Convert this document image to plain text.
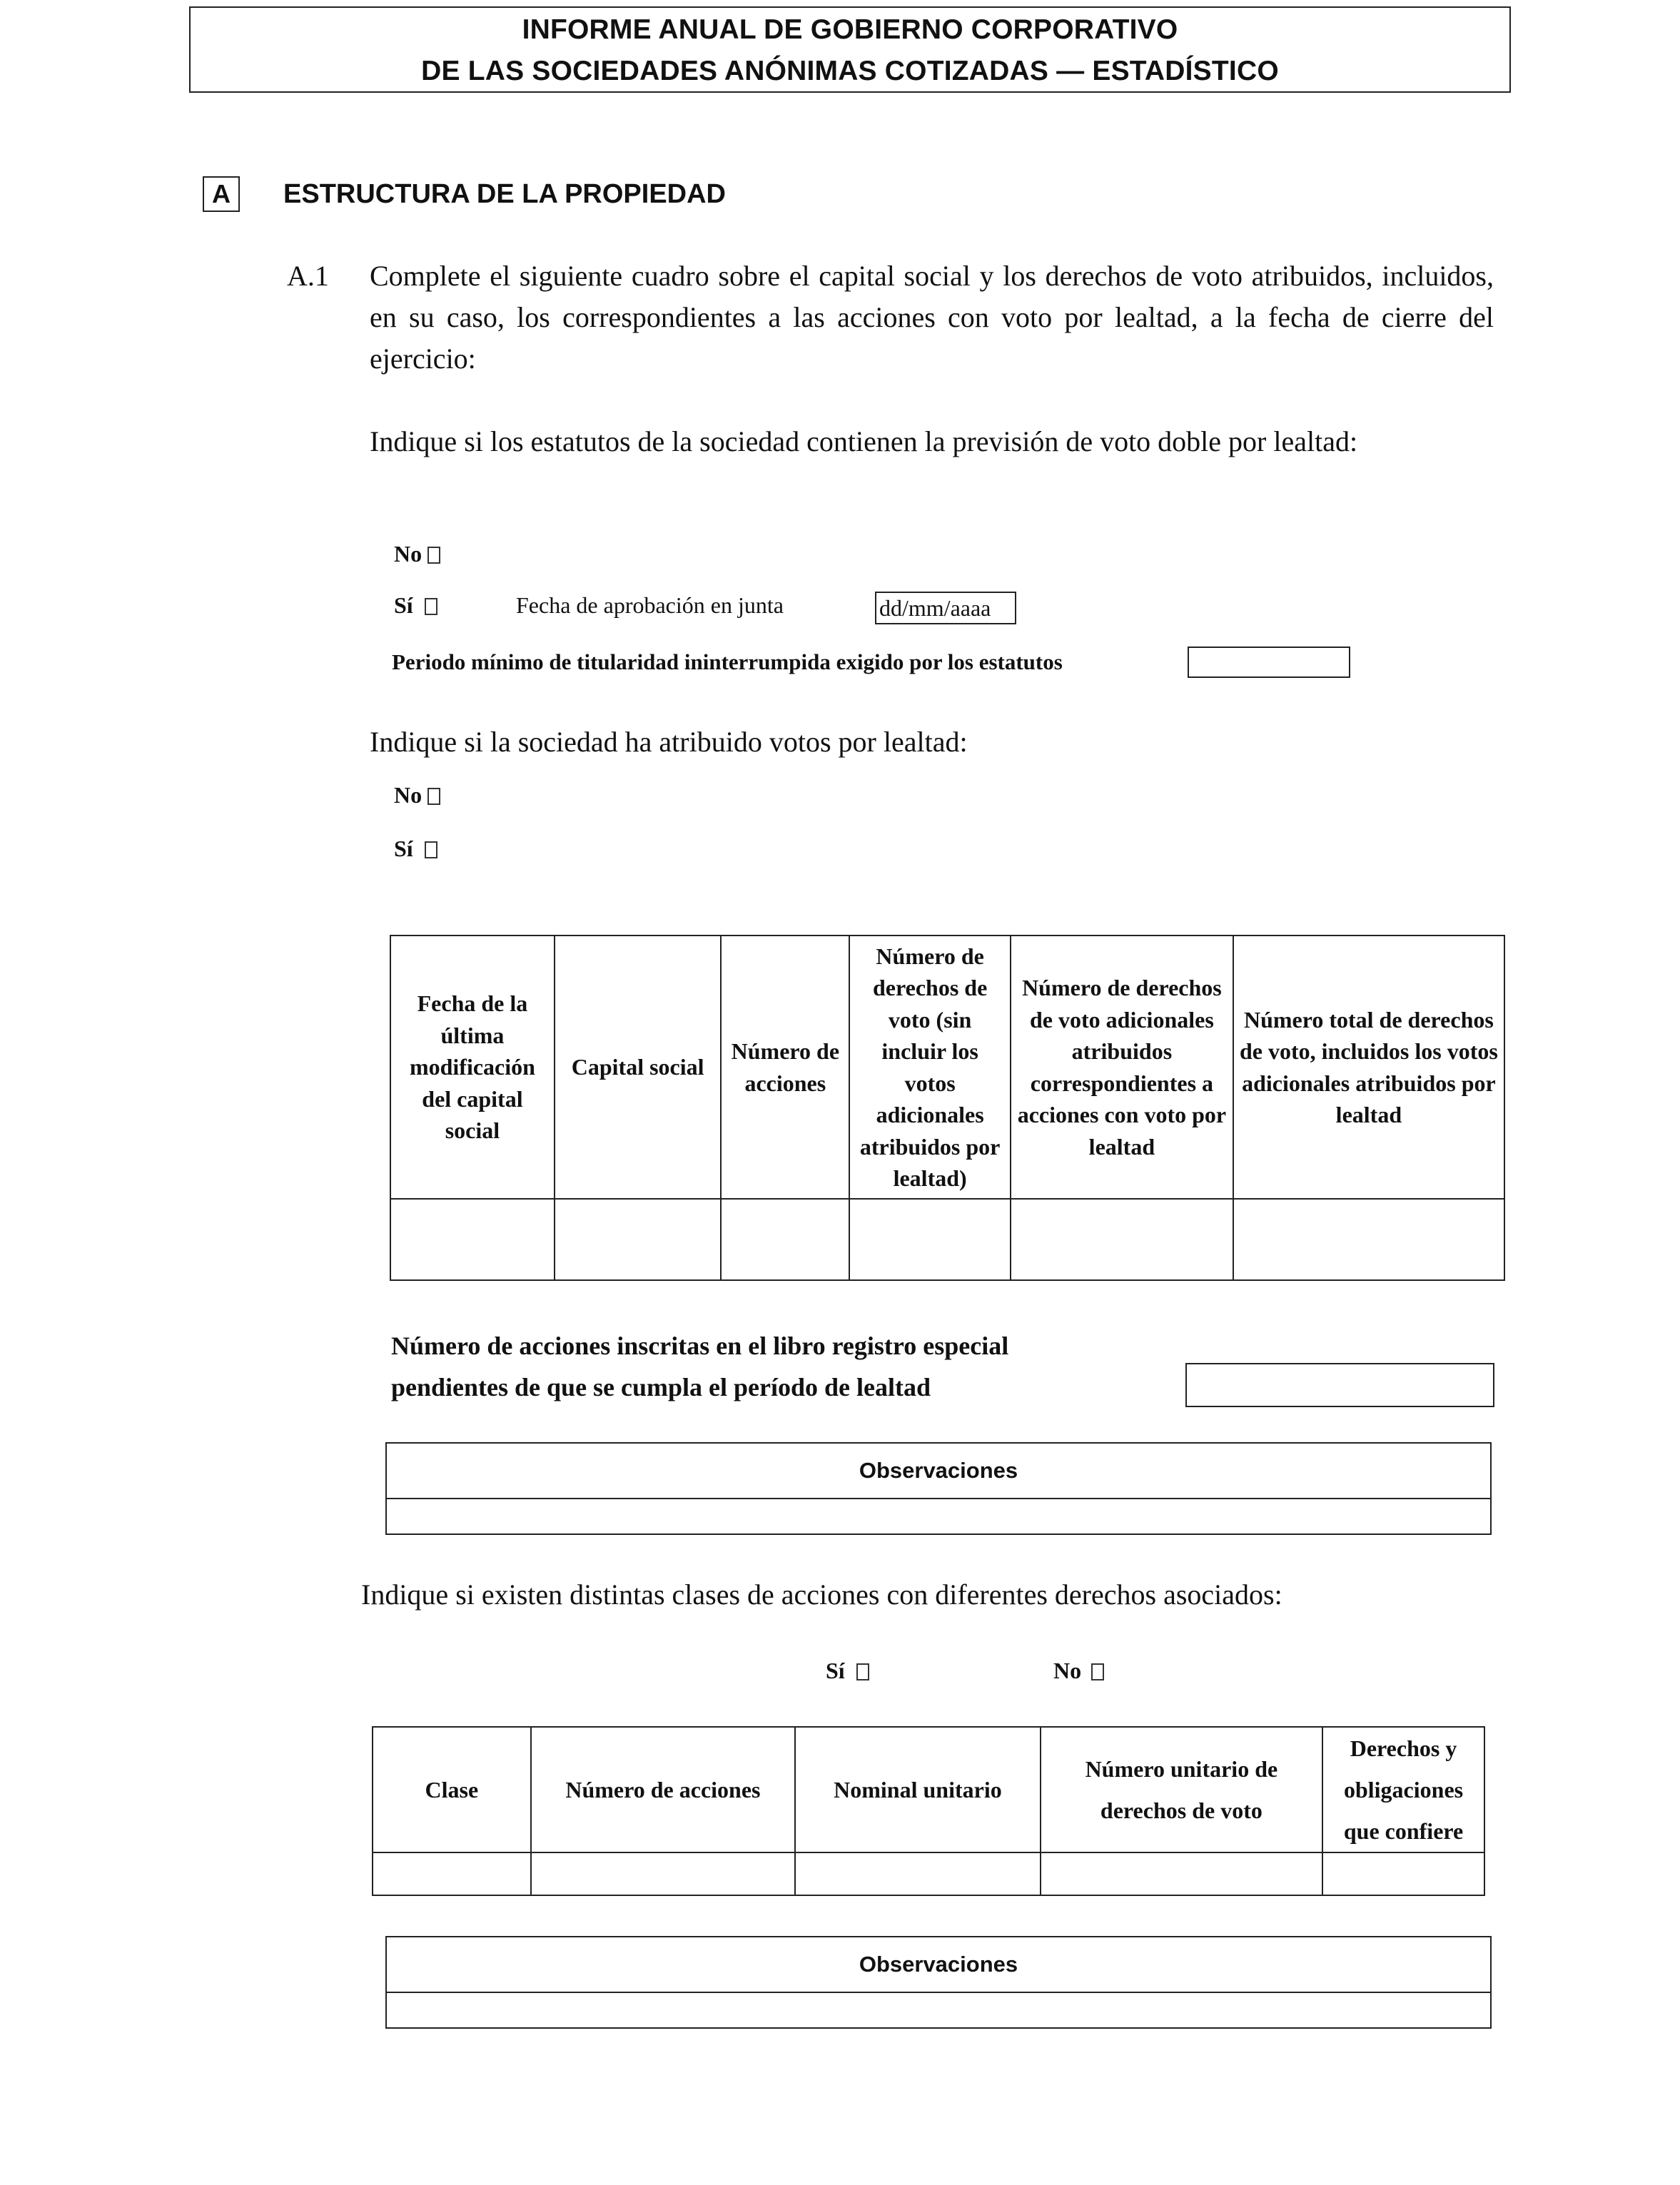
INFORME ANUAL DE GOBIERNO CORPORATIVO
DE LAS SOCIEDADES ANÓNIMAS COTIZADAS — ESTADÍSTICO
A	ESTRUCTURA DE LA PROPIEDAD
A.1 Complete el siguiente cuadro sobre el capital social y los derechos de voto atribuidos, incluidos, en su caso, los correspondientes a las acciones con voto por lealtad, a la fecha de cierre del ejercicio:
Indique si los estatutos de la sociedad contienen la previsión de voto doble por lealtad:
No
Sí	Fecha de aprobación en junta	dd/mm/aaaa
Periodo mínimo de titularidad ininterrumpida exigido por los estatutos
Indique si la sociedad ha atribuido votos por lealtad:
No
Sí
Fecha de la última modificación del capital social	Capital social	Número de acciones	Número de derechos de voto (sin incluir los votos adicionales atribuidos por lealtad)	Número de derechos de voto adicionales atribuidos correspondientes a acciones con voto por lealtad	Número total de derechos de voto, incluidos los votos adicionales atribuidos por lealtad

Número de acciones inscritas en el libro registro especial
pendientes de que se cumpla el período de lealtad
Observaciones
Indique si existen distintas clases de acciones con diferentes derechos asociados:
Sí	No
Clase	Número de acciones	Nominal unitario	Número unitario de derechos de voto	Derechos y obligaciones que confiere

Observaciones
